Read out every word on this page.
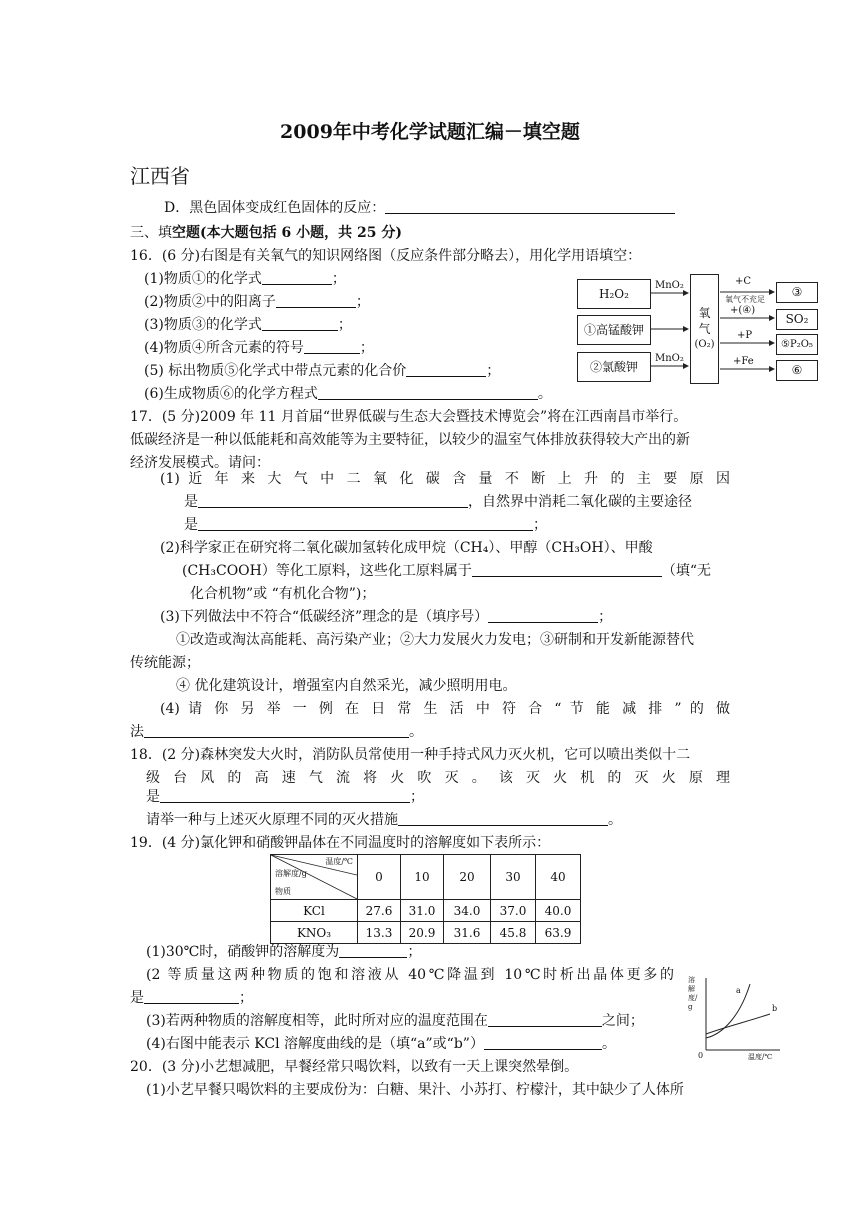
2009年中考化学试题汇编－填空题
江西省
D．黑色固体变成红色固体的反应：
三、填空题(本大题包括 6 小题，共 25 分)
16．(6 分)右图是有关氧气的知识网络图（反应条件部分略去），用化学用语填空：
(1)物质①的化学式	；
(2)物质②中的阳离子	；
(3)物质③的化学式	；
(4)物质④所含元素的符号	；
(5) 标出物质⑤化学式中带点元素的化合价	；
(6)生成物质⑥的化学方程式	。
H₂O₂
①高锰酸钾
②氯酸钾
MnO₂
MnO₂
氧
气
(O₂)
+C
氧气不充足
+(④)
+P
+Fe
③
SO₂
⑤P₂O₅
⑥
17．(5 分)2009 年 11 月首届“世界低碳与生态大会暨技术博览会”将在江西南昌市举行。
低碳经济是一种以低能耗和高效能等为主要特征，以较少的温室气体排放获得较大产出的新
经济发展模式。请问：
(1) 近 年 来 大 气 中 二 氧 化 碳 含 量 不 断 上 升 的 主 要 原 因
是	，自然界中消耗二氧化碳的主要途径
是	；
(2)科学家正在研究将二氧化碳加氢转化成甲烷（CH₄）、甲醇（CH₃OH）、甲酸
(CH₃COOH）等化工原料，这些化工原料属于	（填“无
化合机物”或 “有机化合物”)；
(3)下列做法中不符合“低碳经济”理念的是（填序号）	；
①改造或淘汰高能耗、高污染产业；②大力发展火力发电；③研制和开发新能源替代
传统能源；
④ 优化建筑设计，增强室内自然采光，减少照明用电。
(4) 请 你 另 举 一 例 在 日 常 生 活 中 符 合 “ 节 能 减 排 ” 的 做
法	。
18．(2 分)森林突发大火时，消防队员常使用一种手持式风力灭火机，它可以喷出类似十二
级 台 风 的 高 速 气 流 将 火 吹 灭 。 该 灭 火 机 的 灭 火 原 理
是	；
请举一种与上述灭火原理不同的灭火措施	。
19．(4 分)氯化钾和硝酸钾晶体在不同温度时的溶解度如下表所示：
温度/℃
溶解度/g
物质	0	10	20	30	40
KCl	27.6	31.0	34.0	37.0	40.0
KNO₃	13.3	20.9	31.6	45.8	63.9
(1)30℃时，硝酸钾的溶解度为	；
(2 等质量这两种物质的饱和溶液从 40℃降温到 10℃时析出晶体更多的
是	；
(3)若两种物质的溶解度相等，此时所对应的温度范围在	之间；
(4)右图中能表示 KCl 溶解度曲线的是（填“a”或“b”）	。
溶解度/g
温度/℃
0
a
b
20．(3 分)小艺想减肥，早餐经常只喝饮料，以致有一天上课突然晕倒。
(1)小艺早餐只喝饮料的主要成份为：白糖、果汁、小苏打、柠檬汁，其中缺少了人体所
